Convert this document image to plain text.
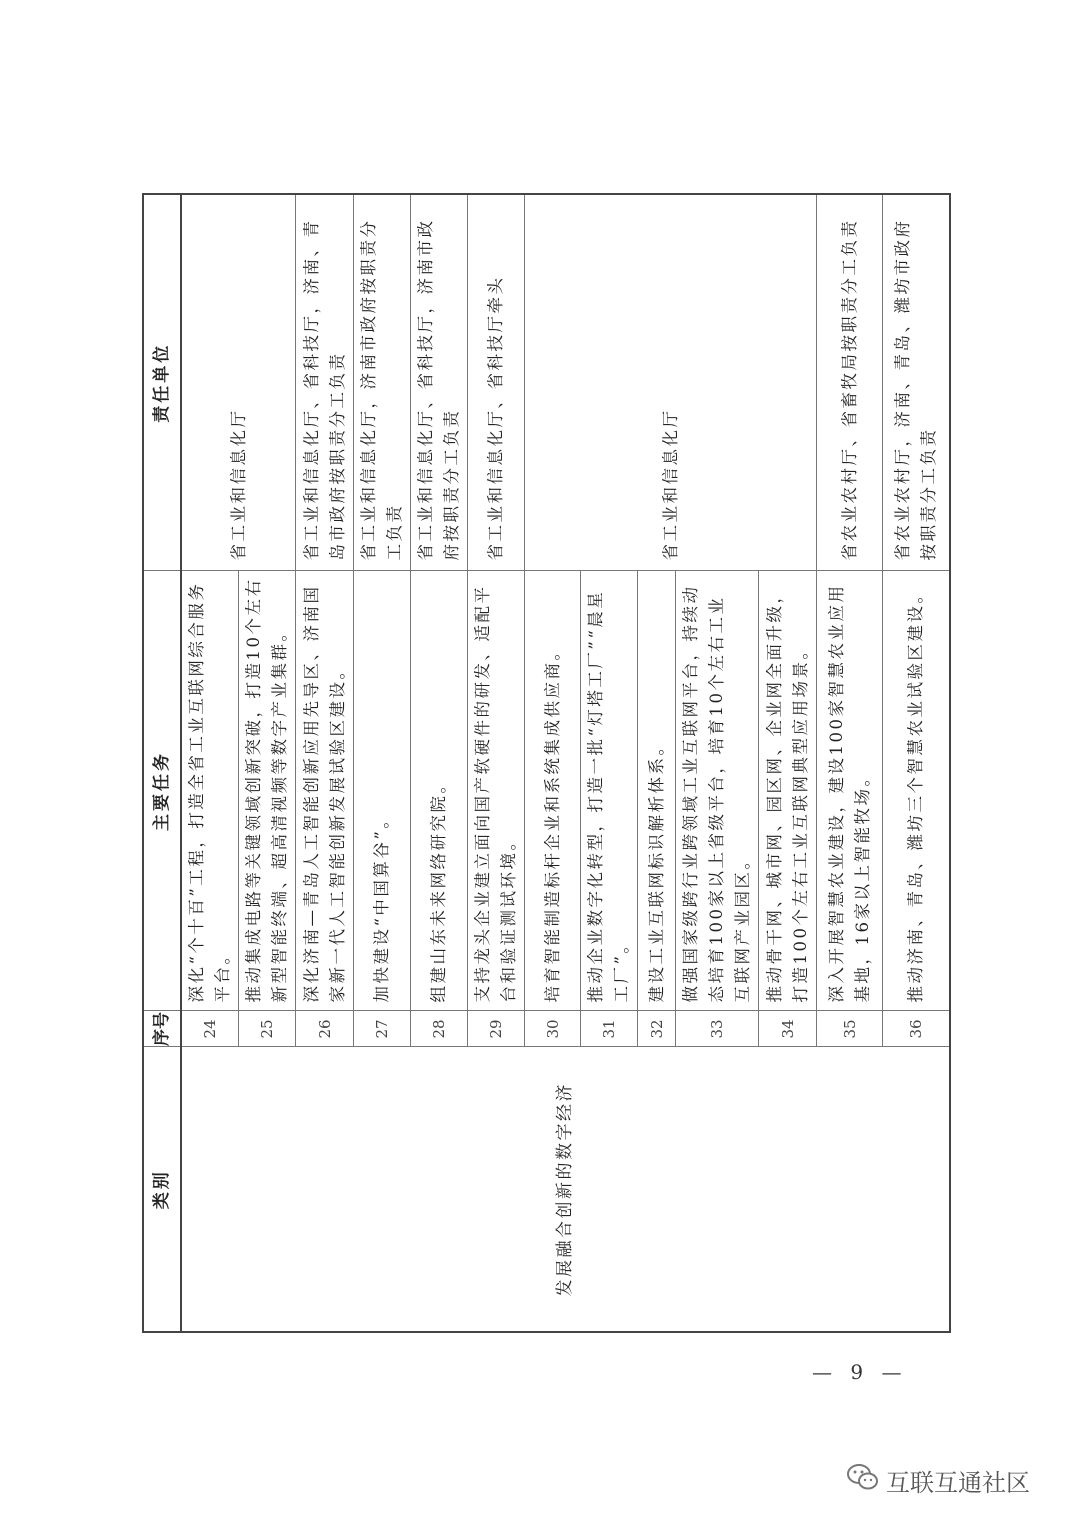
类别	序号	主要任务	责任单位
发展融合创新的数字经济	24	深化“个十百”工程，打造全省工业互联网综合服务平台。	省工业和信息化厅
	25	推动集成电路等关键领域创新突破，打造10个左右新型智能终端、超高清视频等数字产业集群。	
	26	深化济南—青岛人工智能创新应用先导区、济南国家新一代人工智能创新发展试验区建设。	省工业和信息化厅、省科技厅，济南、青岛市政府按职责分工负责
	27	加快建设“中国算谷”。	省工业和信息化厅，济南市政府按职责分工负责
	28	组建山东未来网络研究院。	省工业和信息化厅、省科技厅，济南市政府按职责分工负责
	29	支持龙头企业建立面向国产软硬件的研发、适配平台和验证测试环境。	省工业和信息化厅、省科技厅牵头
	30	培育智能制造标杆企业和系统集成供应商。	省工业和信息化厅
	31	推动企业数字化转型，打造一批“灯塔工厂”“晨星工厂”。	
	32	建设工业互联网标识解析体系。	
	33	做强国家级跨行业跨领域工业互联网平台，持续动态培育100家以上省级平台，培育10个左右工业互联网产业园区。	
	34	推动骨干网、城市网、园区网、企业网全面升级，打造100个左右工业互联网典型应用场景。	
	35	深入开展智慧农业建设，建设100家智慧农业应用基地，16家以上智能牧场。	省农业农村厅、省畜牧局按职责分工负责
	36	推动济南、青岛、潍坊三个智慧农业试验区建设。	省农业农村厅，济南、青岛、潍坊市政府按职责分工负责
— 9 —
互联互通社区
